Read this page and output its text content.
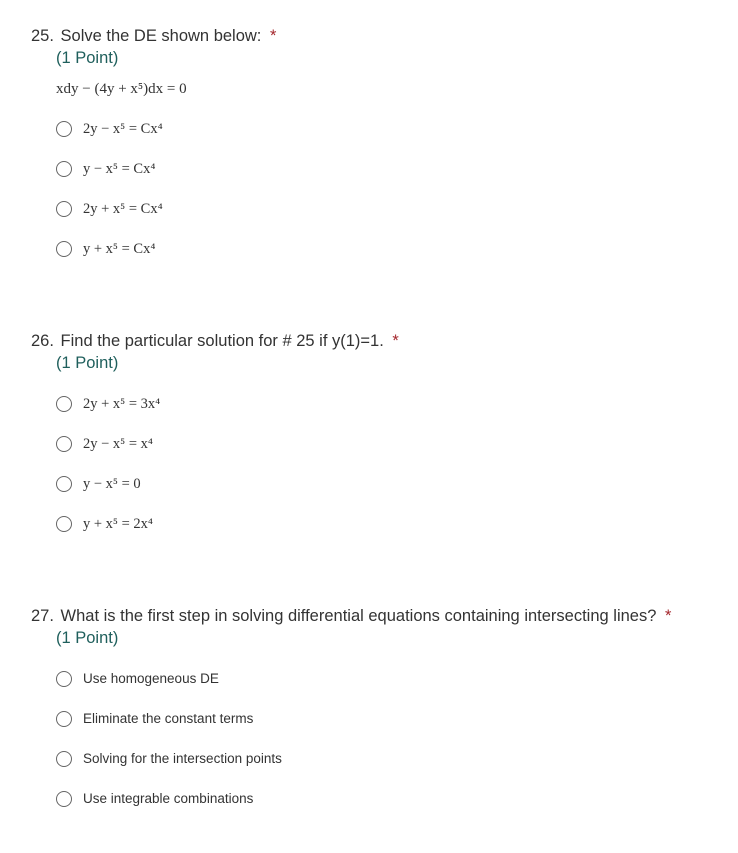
25. Solve the DE shown below: *
(1 Point)
xdy − (4y + x⁵)dx = 0
2y − x⁵ = Cx⁴
y − x⁵ = Cx⁴
2y + x⁵ = Cx⁴
y + x⁵ = Cx⁴
26. Find the particular solution for # 25 if y(1)=1. *
(1 Point)
2y + x⁵ = 3x⁴
2y − x⁵ = x⁴
y − x⁵ = 0
y + x⁵ = 2x⁴
27. What is the first step in solving differential equations containing intersecting lines? *
(1 Point)
Use homogeneous DE
Eliminate the constant terms
Solving for the intersection points
Use integrable combinations
